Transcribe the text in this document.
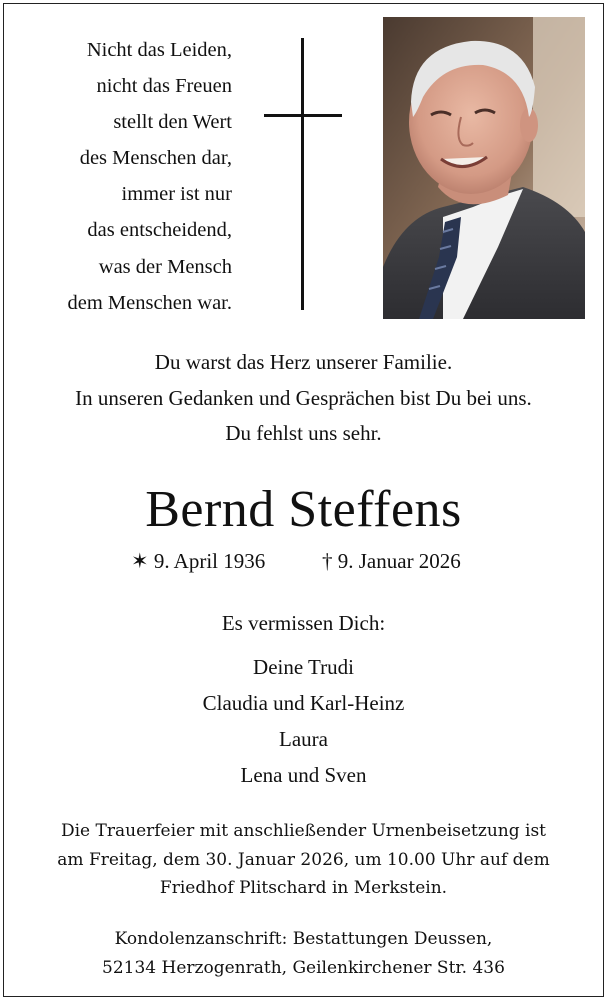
Nicht das Leiden,
nicht das Freuen
stellt den Wert
des Menschen dar,
immer ist nur
das entscheidend,
was der Mensch
dem Menschen war.
Du warst das Herz unserer Familie.
In unseren Gedanken und Gesprächen bist Du bei uns.
Du fehlst uns sehr.
Bernd Steffens
✶ 9. April 1936	† 9. Januar 2026
Es vermissen Dich:
Deine Trudi
Claudia und Karl-Heinz
Laura
Lena und Sven
Die Trauerfeier mit anschließender Urnenbeisetzung ist
am Freitag, dem 30. Januar 2026, um 10.00 Uhr auf dem
Friedhof Plitschard in Merkstein.
Kondolenzanschrift: Bestattungen Deussen,
52134 Herzogenrath, Geilenkirchener Str. 436
